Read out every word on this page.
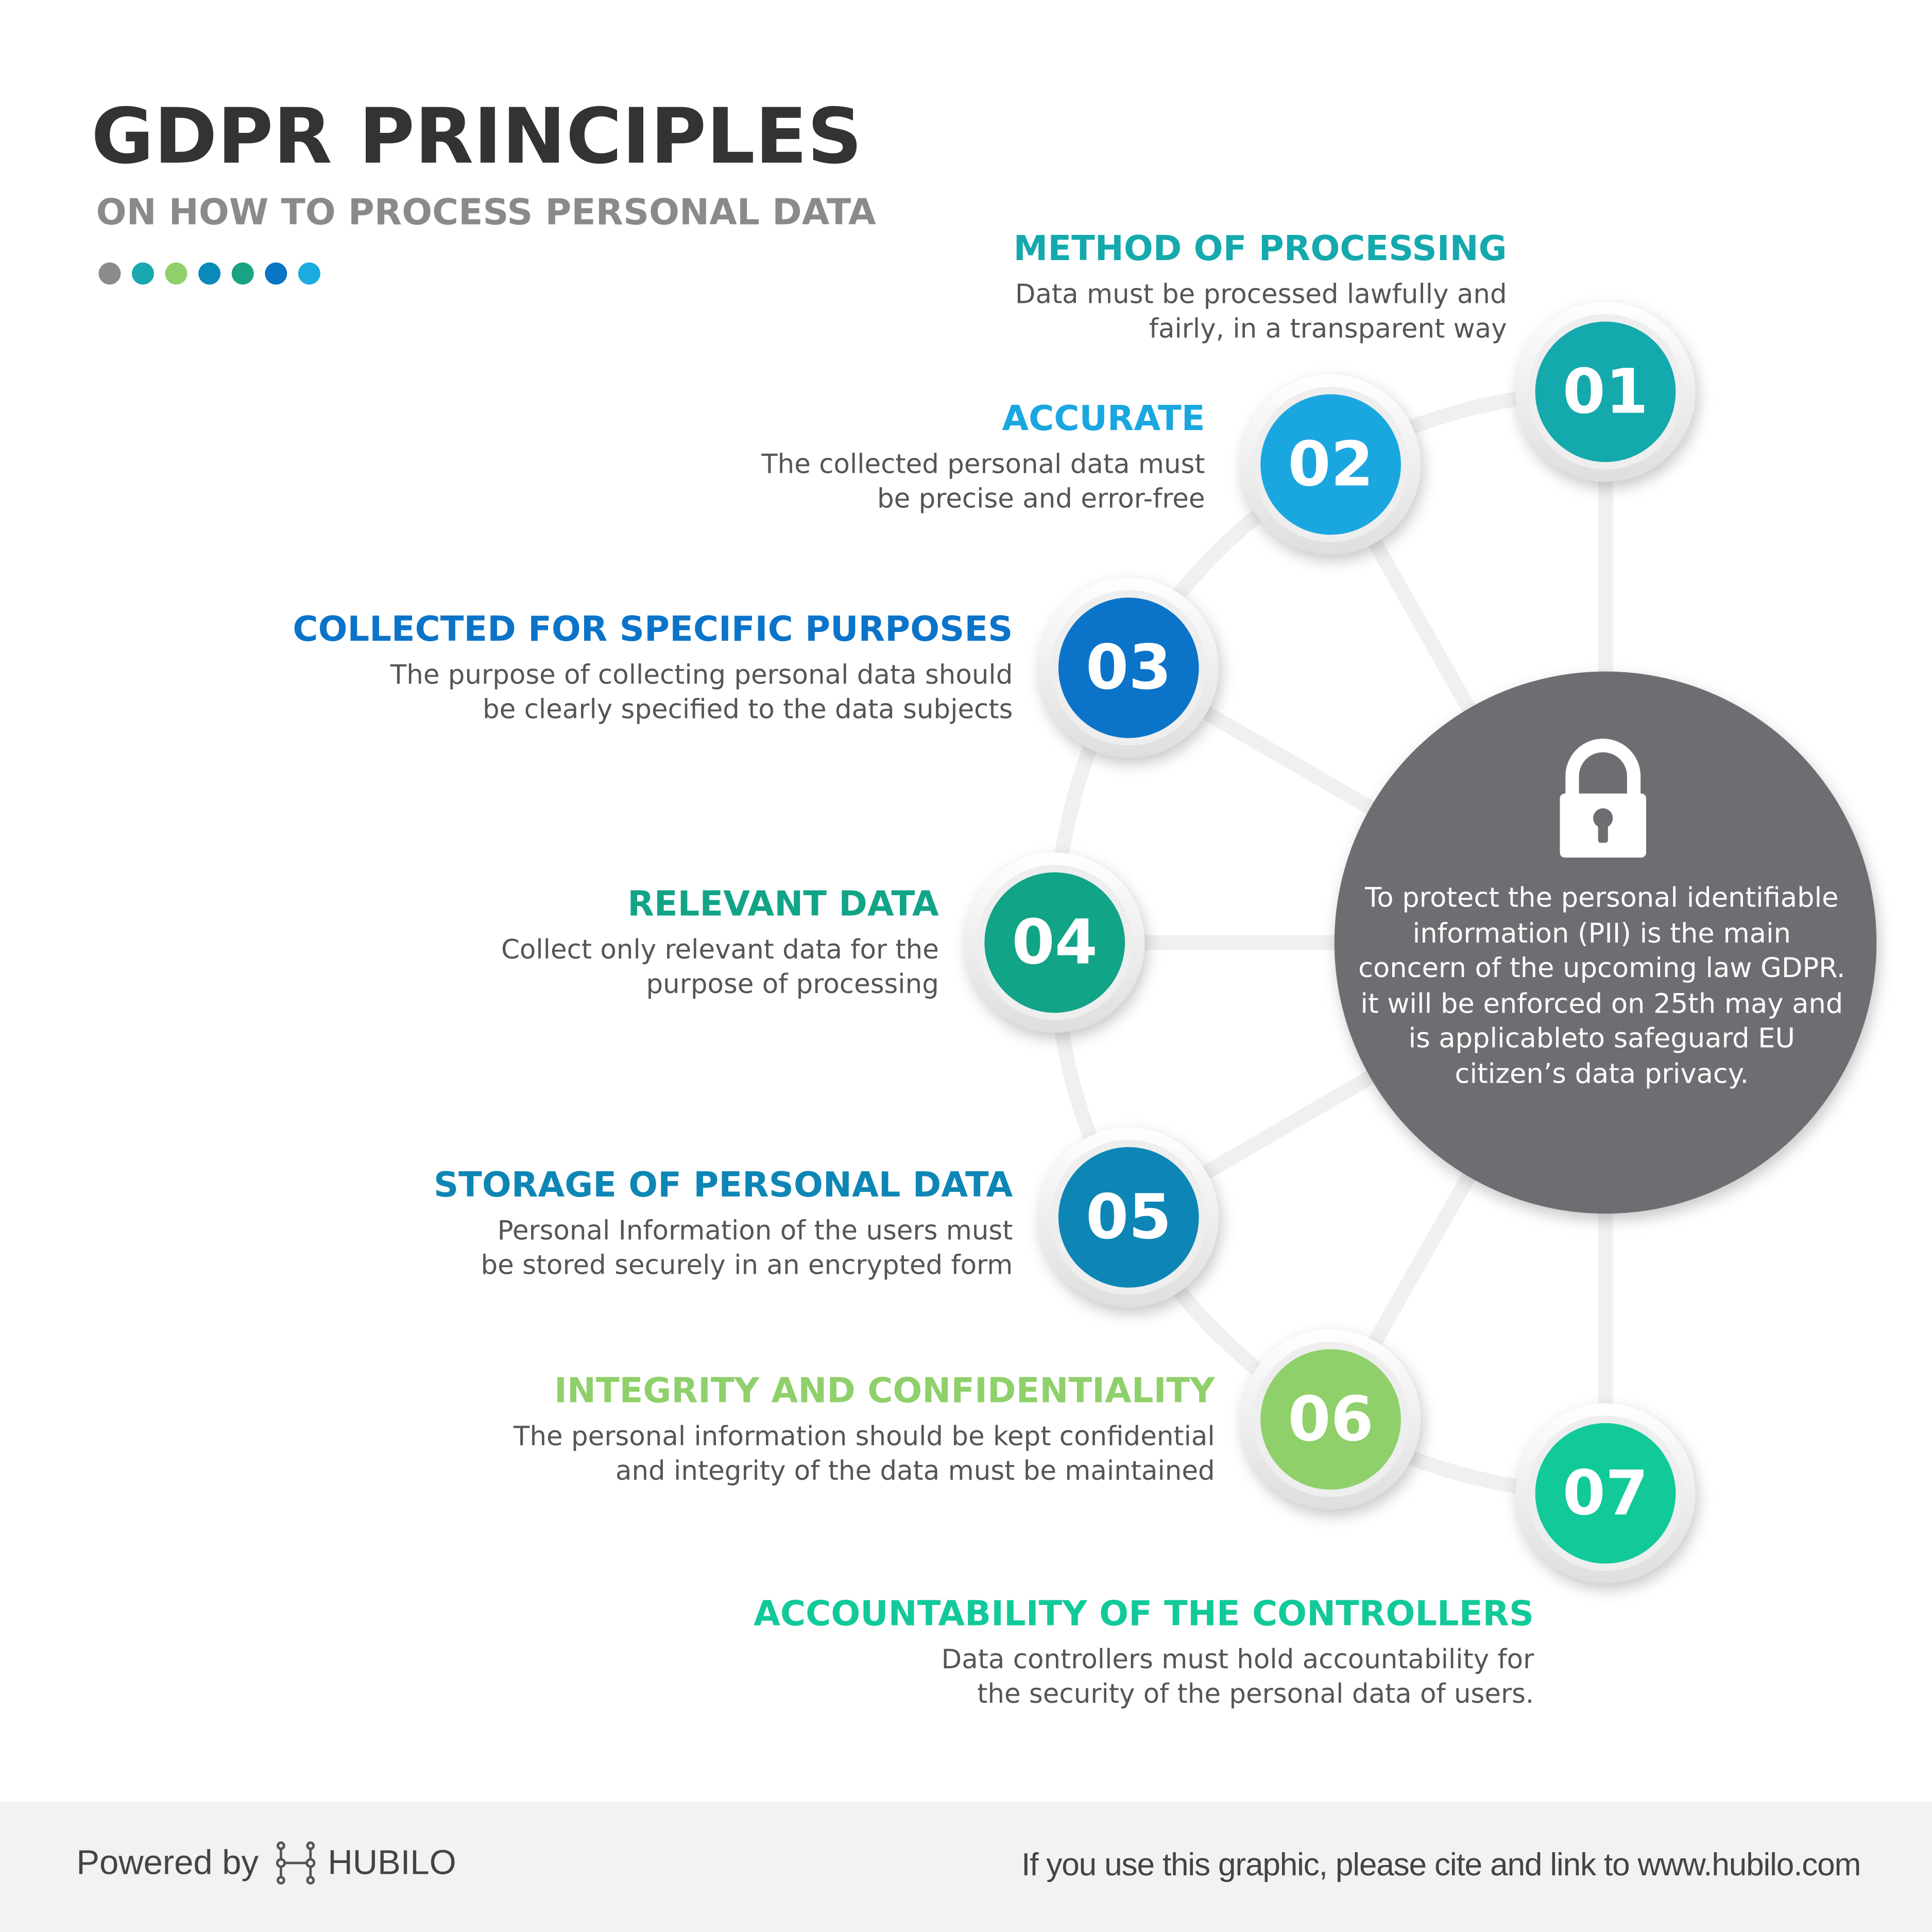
GDPR PRINCIPLES
ON HOW TO PROCESS PERSONAL DATA
01
02
03
04
05
06
07
To protect the personal identifiable information (PII) is the main concern of the upcoming law GDPR. it will be enforced on 25th may and is applicableto safeguard EU citizen’s data privacy.
METHOD OF PROCESSING
Data must be processed lawfully and
fairly, in a transparent way
ACCURATE
The collected personal data must
be precise and error-free
COLLECTED FOR SPECIFIC PURPOSES
The purpose of collecting personal data should
be clearly specified to the data subjects
RELEVANT DATA
Collect only relevant data for the
purpose of processing
STORAGE OF PERSONAL DATA
Personal Information of the users must
be stored securely in an encrypted form
INTEGRITY AND CONFIDENTIALITY
The personal information should be kept confidential
and integrity of the data must be maintained
ACCOUNTABILITY OF THE CONTROLLERS
Data controllers must hold accountability for
the security of the personal data of users.
Powered by	HUBILO	If you use this graphic, please cite and link to www.hubilo.com
